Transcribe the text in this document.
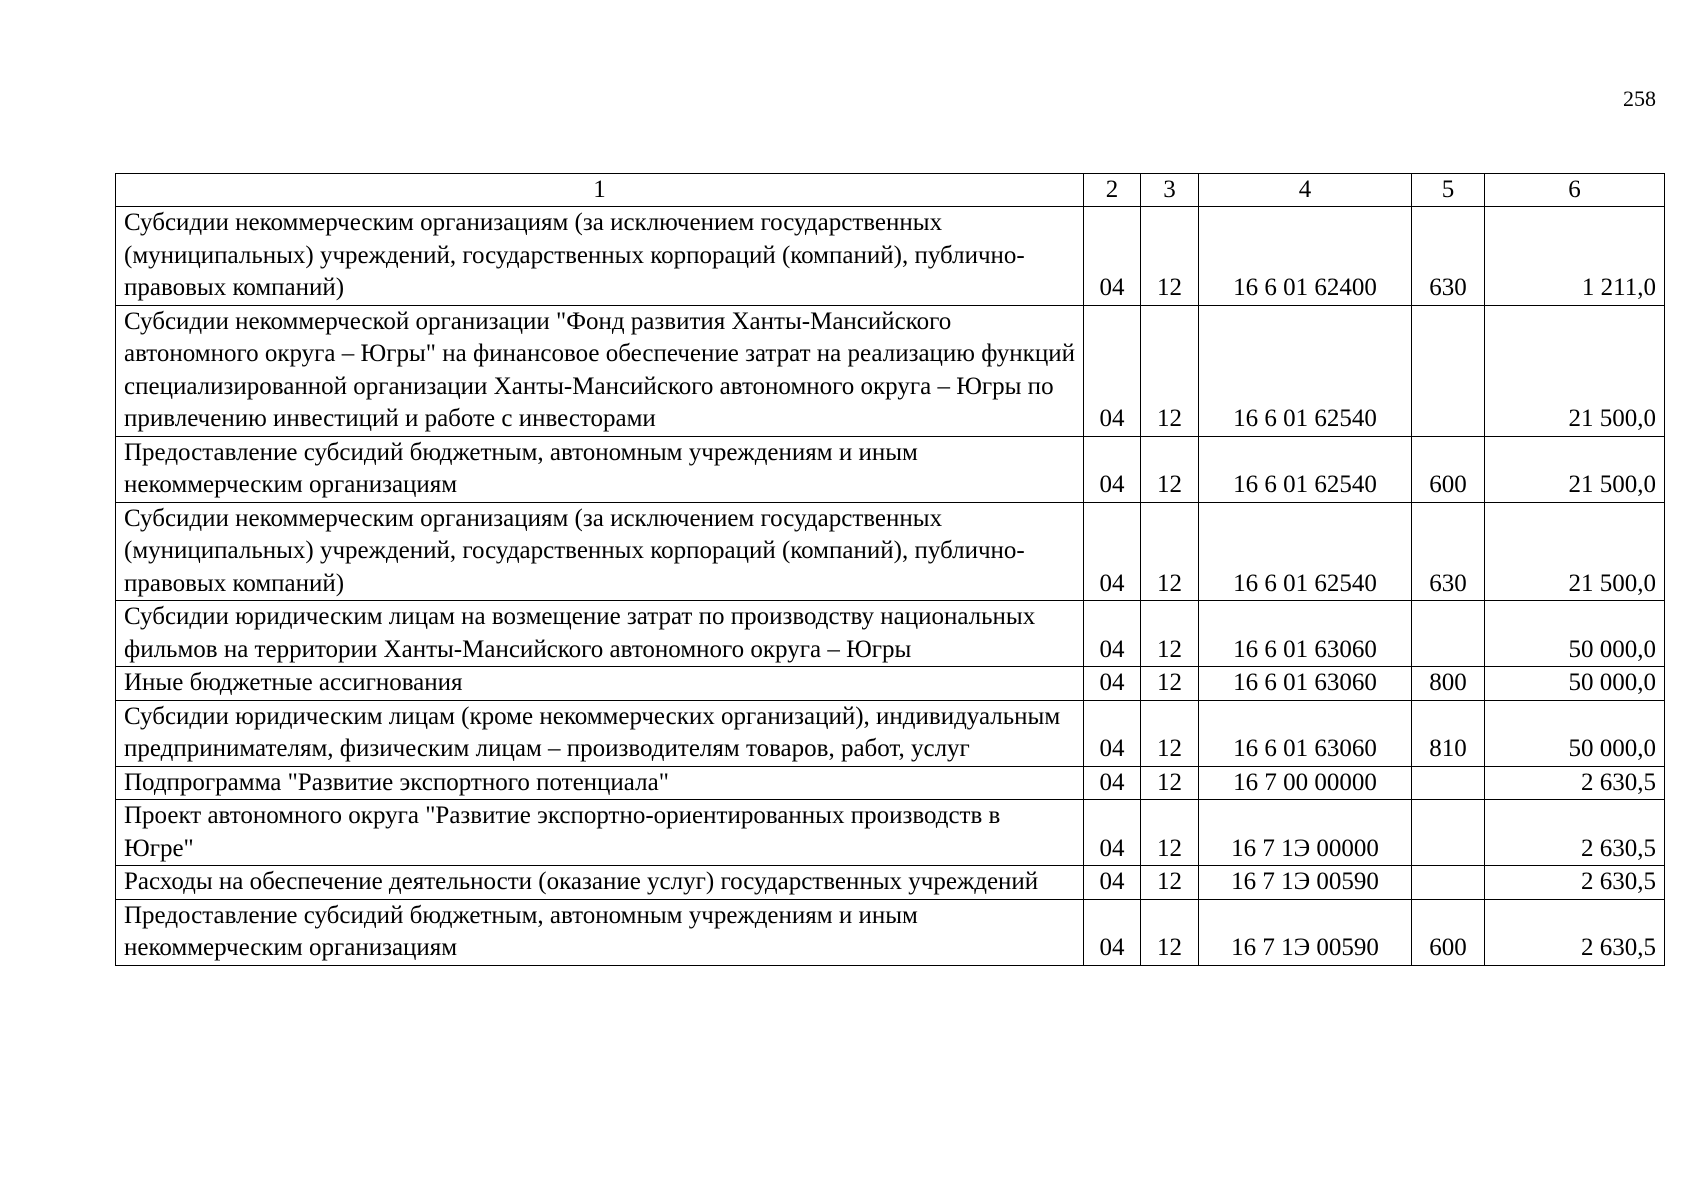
258
1	2	3	4	5	6
Субсидии некоммерческим организациям (за исключением государственных (муниципальных) учреждений, государственных корпораций (компаний), публично-правовых компаний)	04	12	16 6 01 62400	630	1 211,0
Субсидии некоммерческой организации "Фонд развития Ханты-Мансийского автономного округа – Югры" на финансовое обеспечение затрат на реализацию функций специализированной организации Ханты-Мансийского автономного округа – Югры по привлечению инвестиций и работе с инвесторами	04	12	16 6 01 62540		21 500,0
Предоставление субсидий бюджетным, автономным учреждениям и иным некоммерческим организациям	04	12	16 6 01 62540	600	21 500,0
Субсидии некоммерческим организациям (за исключением государственных (муниципальных) учреждений, государственных корпораций (компаний), публично-правовых компаний)	04	12	16 6 01 62540	630	21 500,0
Субсидии юридическим лицам на возмещение затрат по производству национальных фильмов на территории Ханты-Мансийского автономного округа – Югры	04	12	16 6 01 63060		50 000,0
Иные бюджетные ассигнования	04	12	16 6 01 63060	800	50 000,0
Субсидии юридическим лицам (кроме некоммерческих организаций), индивидуальным предпринимателям, физическим лицам – производителям товаров, работ, услуг	04	12	16 6 01 63060	810	50 000,0
Подпрограмма "Развитие экспортного потенциала"	04	12	16 7 00 00000		2 630,5
Проект автономного округа "Развитие экспортно-ориентированных производств в Югре"	04	12	16 7 1Э 00000		2 630,5
Расходы на обеспечение деятельности (оказание услуг) государственных учреждений	04	12	16 7 1Э 00590		2 630,5
Предоставление субсидий бюджетным, автономным учреждениям и иным некоммерческим организациям	04	12	16 7 1Э 00590	600	2 630,5
